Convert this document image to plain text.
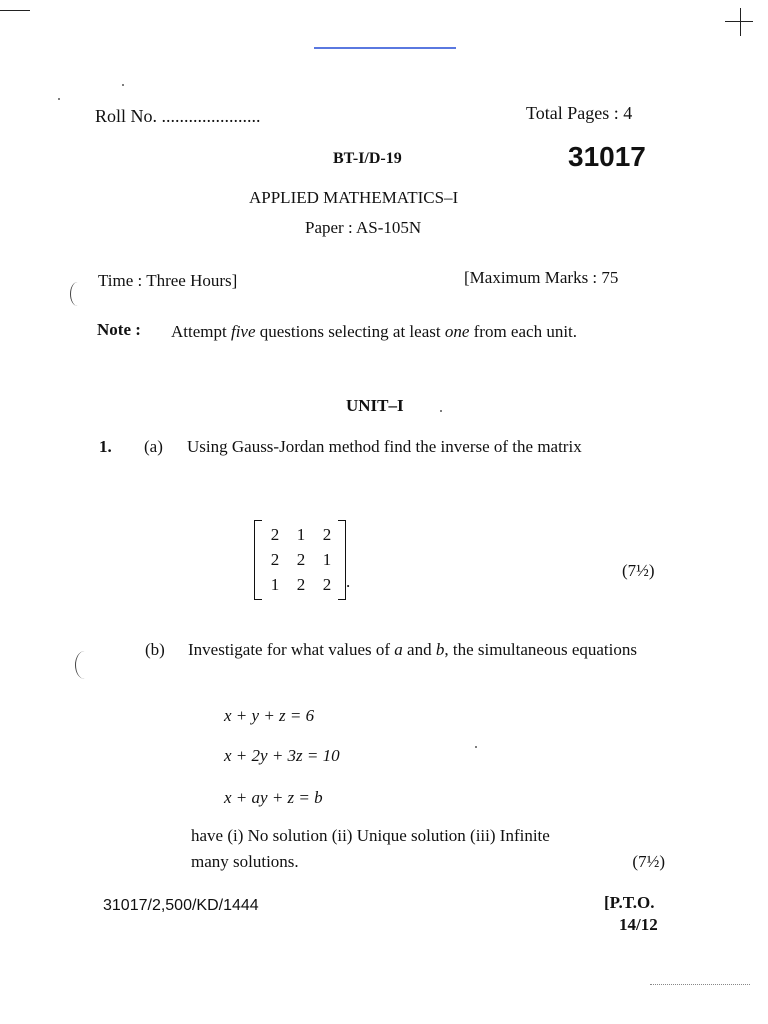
Roll No. ......................	Total Pages : 4
BT-I/D-19	31017
APPLIED MATHEMATICS–I
Paper : AS-105N
Time : Three Hours]	[Maximum Marks : 75
Note : Attempt five questions selecting at least one from each unit.
UNIT–I
1. (a) Using Gauss-Jordan method find the inverse of the matrix
2	1	2
2	2	1
1	2	2 .
(7½)
(b) Investigate for what values of a and b, the simultaneous equations
x + y + z = 6
x + 2y + 3z = 10
x + ay + z = b
have (i) No solution (ii) Unique solution (iii) Infinite
many solutions.	(7½)
31017/2,500/KD/1444	[P.T.O.
14/12
